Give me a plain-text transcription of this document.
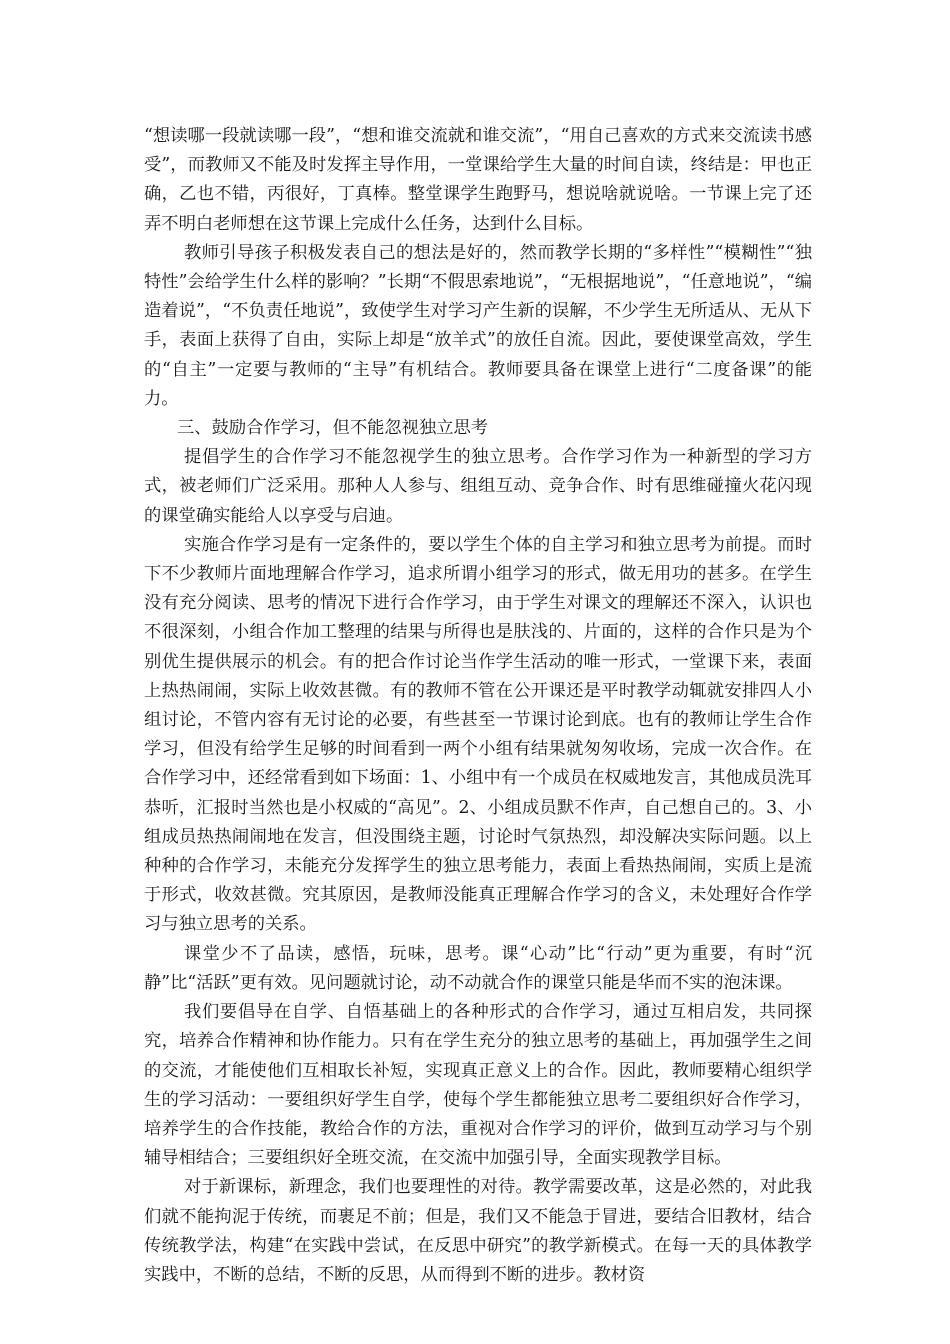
“想读哪一段就读哪一段”，“想和谁交流就和谁交流”，“用自己喜欢的方式来交流读书感受”，而教师又不能及时发挥主导作用，一堂课给学生大量的时间自读，终结是：甲也正确，乙也不错，丙很好，丁真棒。整堂课学生跑野马，想说啥就说啥。一节课上完了还弄不明白老师想在这节课上完成什么任务，达到什么目标。

教师引导孩子积极发表自己的想法是好的，然而教学长期的“多样性”“模糊性”“独特性”会给学生什么样的影响？”长期“不假思索地说”，“无根据地说”，“任意地说”，“编造着说”，“不负责任地说”，致使学生对学习产生新的误解，不少学生无所适从、无从下手，表面上获得了自由，实际上却是“放羊式”的放任自流。因此，要使课堂高效，学生的“自主”一定要与教师的“主导”有机结合。教师要具备在课堂上进行“二度备课”的能力。

三、鼓励合作学习，但不能忽视独立思考

提倡学生的合作学习不能忽视学生的独立思考。合作学习作为一种新型的学习方式，被老师们广泛采用。那种人人参与、组组互动、竞争合作、时有思维碰撞火花闪现的课堂确实能给人以享受与启迪。

实施合作学习是有一定条件的，要以学生个体的自主学习和独立思考为前提。而时下不少教师片面地理解合作学习，追求所谓小组学习的形式，做无用功的甚多。在学生没有充分阅读、思考的情况下进行合作学习，由于学生对课文的理解还不深入，认识也不很深刻，小组合作加工整理的结果与所得也是肤浅的、片面的，这样的合作只是为个别优生提供展示的机会。有的把合作讨论当作学生活动的唯一形式，一堂课下来，表面上热热闹闹，实际上收效甚微。有的教师不管在公开课还是平时教学动辄就安排四人小组讨论，不管内容有无讨论的必要，有些甚至一节课讨论到底。也有的教师让学生合作学习，但没有给学生足够的时间看到一两个小组有结果就匆匆收场，完成一次合作。在合作学习中，还经常看到如下场面：1、小组中有一个成员在权威地发言，其他成员洗耳恭听，汇报时当然也是小权威的“高见”。2、小组成员默不作声，自己想自己的。3、小组成员热热闹闹地在发言，但没围绕主题，讨论时气氛热烈，却没解决实际问题。以上种种的合作学习，未能充分发挥学生的独立思考能力，表面上看热热闹闹，实质上是流于形式，收效甚微。究其原因，是教师没能真正理解合作学习的含义，未处理好合作学习与独立思考的关系。

课堂少不了品读，感悟，玩味，思考。课“心动”比“行动”更为重要，有时“沉静”比“活跃”更有效。见问题就讨论，动不动就合作的课堂只能是华而不实的泡沫课。

我们要倡导在自学、自悟基础上的各种形式的合作学习，通过互相启发，共同探究，培养合作精神和协作能力。只有在学生充分的独立思考的基础上，再加强学生之间的交流，才能使他们互相取长补短，实现真正意义上的合作。因此，教师要精心组织学生的学习活动：一要组织好学生自学，使每个学生都能独立思考二要组织好合作学习，培养学生的合作技能，教给合作的方法，重视对合作学习的评价，做到互动学习与个别辅导相结合；三要组织好全班交流，在交流中加强引导，全面实现教学目标。

对于新课标，新理念，我们也要理性的对待。教学需要改革，这是必然的，对此我们就不能拘泥于传统，而裹足不前；但是，我们又不能急于冒进，要结合旧教材，结合传统教学法，构建“在实践中尝试，在反思中研究”的教学新模式。在每一天的具体教学实践中，不断的总结，不断的反思，从而得到不断的进步。教材资
